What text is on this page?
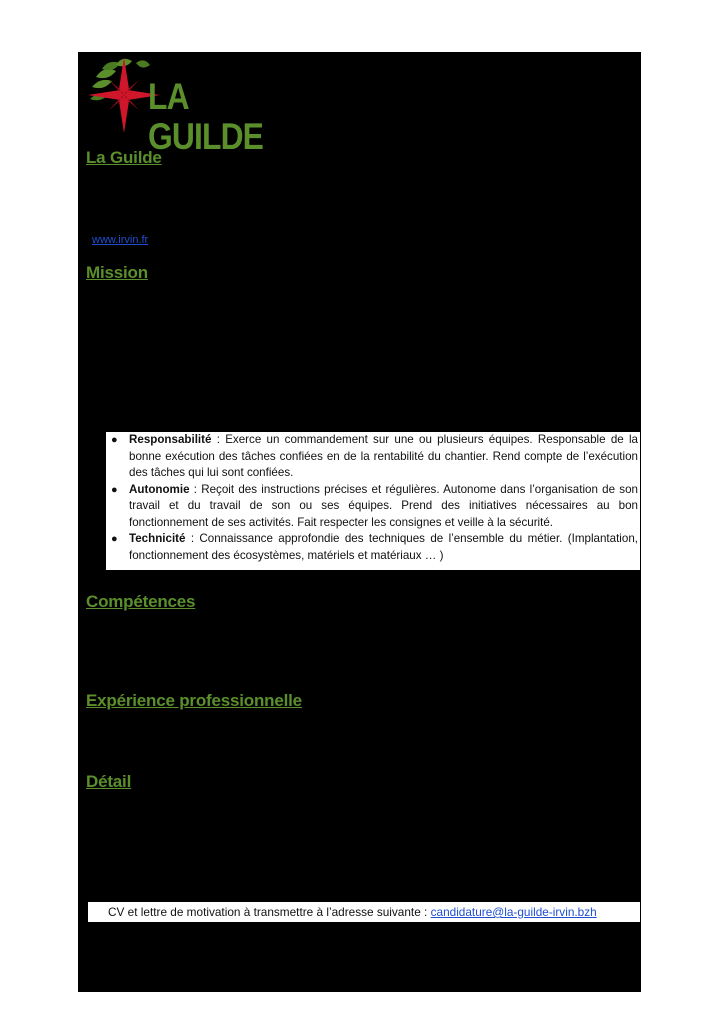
LA GUILDE
La Guilde
www.irvin.fr
Mission
● Responsabilité : Exerce un commandement sur une ou plusieurs équipes. Responsable de la bonne exécution des tâches confiées en de la rentabilité du chantier. Rend compte de l’exécution des tâches qui lui sont confiées.
● Autonomie : Reçoit des instructions précises et régulières. Autonome dans l’organisation de son travail et du travail de son ou ses équipes. Prend des initiatives nécessaires au bon fonctionnement de ses activités. Fait respecter les consignes et veille à la sécurité.
● Technicité : Connaissance approfondie des techniques de l’ensemble du métier. (Implantation, fonctionnement des écosystèmes, matériels et matériaux … )
Compétences
Expérience professionnelle
Détail
CV et lettre de motivation à transmettre à l’adresse suivante : candidature@la-guilde-irvin.bzh
